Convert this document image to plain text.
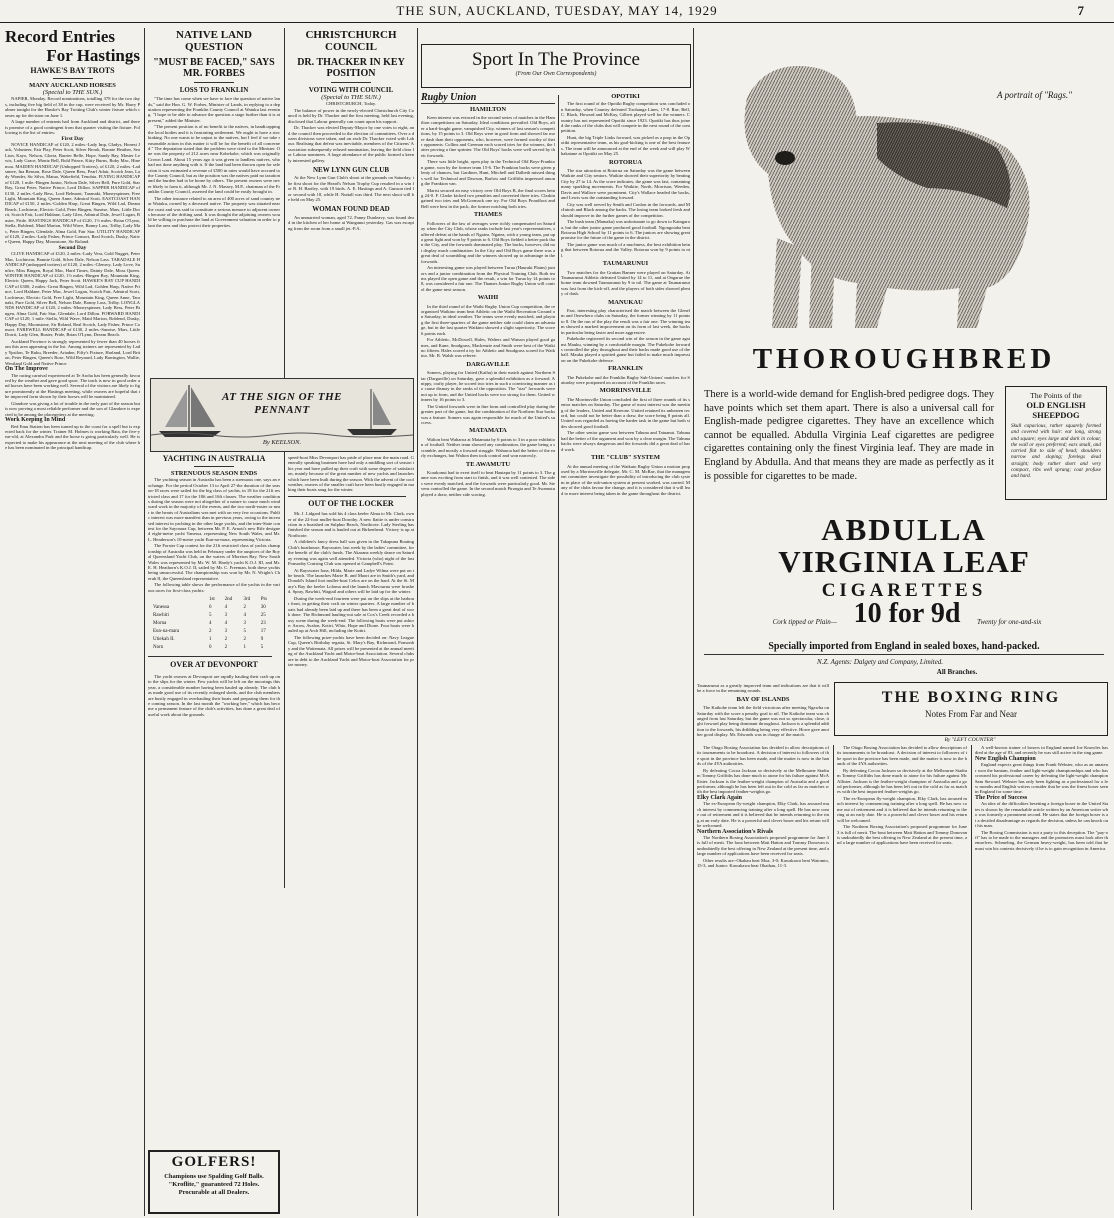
THE SUN, AUCKLAND, TUESDAY, MAY 14, 1929	7
Record Entries
For Hastings
HAWKE'S BAY TROTS
MANY AUCKLAND HORSES
(Special to THE SUN.)

NAPIER, Monday. Record nominations, totalling 378 for the two days, including five big field of 38 in the cup, were received by Mr. Harry Palmer tonight for the Hawke's Bay Trotting Club's winter fixture which comes up for decision on June 1.

A large number of entrants hail from Auckland and district, and there is promise of a good contingent from that quarter visiting the fixture. Following is the list of entries:

First Day

NOVICE HANDICAP of £120, 2 miles.-Lady Imp, Gladys, Honest Jack, Volunteer, Fair Play, Peter Scott, Silver Brook, Bonnie Heather, Sea Lion, Kayo, Nelson, Gloria, Barrier Belle, Hope, Sandy Bay, Master Lewis, Lady Grace, Moniz Bell, Bold Prince, Kitty Burns, Ruby Mac, Hinemoa. MAIDEN HANDICAP (Unhopped Trotters), of £120, 2 miles.-Ladsmere, Ina Benson, Rose Dale, Queen Bess, Pearl Adair, Scotch Jean, Lady Wonder, Sir Silva, Matua, Wakefield, Tenohia. FLYING HANDICAP of £120, 1 mile.-Bingen Junior, Nelson Dale, Silver Bell, Pure Gold, Star Ray, Great Peter, Native Prince, Lord Dillon. SAPPER HANDICAP of £130, 2 miles.-Lady Bess, Lord Belmont, Taranaki, Moneyspinner, Free Light, Mountain King, Queen Anne, Admiral Scott. EASTCOAST HANDICAP of £150, 2 miles.-Golden Harp, Great Bingen, Wild Lad, Dream Beach, Lochinvar, Electric Gold, Peter Bingen, Sunrise, Mars, Little Dorrit, Scotch Fair, Lord Haldane, Lady Glen, Admiral Dale, Jewel Logan, Buster, Pride. HASTINGS HANDICAP of £120, 1½ miles.-Brian O'Lynn, Stella, Roblend, Maid Marion, Wild Wave, Bonny Lass, Trilby, Lady Mac, Peter Bingen, Glendale, Alma Gold, Fair Star. UTILITY HANDICAP of £120, 2 miles.-Lady Fisher, Prince Consort, Real Scotch, Dusky, Native Queen, Happy Day, Moonstone, Sir Roland.

Second Day

CLIVE HANDICAP of £120, 2 miles.-Lady Vera, Gold Nugget, Peter Mac, Lochinvar, Bonnie Gold, Silver Dale, Nelson Lass. TARADALE HANDICAP (unhopped trotters) of £120, 2 miles.-Glenroy, Lady Love, Sunfire, Miss Bingen, Royal Mac, Hard Times, Dainty Dale, Moss Queen. WINTER HANDICAP of £120, 1½ miles.-Bingen Boy, Mountain King, Electric Queen, Happy Jack, Peter Scott. HAWKE'S BAY CUP HANDICAP of £300, 2 miles.-Great Bingen, Wild Lad, Golden Harp, Native Prince, Lord Haldane, Peter Mac, Jewel Logan, Scotch Fair, Admiral Scott, Lochinvar, Electric Gold, Free Light, Mountain King, Queen Anne, Taranaki, Pure Gold, Silver Bell, Nelson Dale, Bonny Lass, Trilby. LONGLANDS HANDICAP of £120, 2 miles.-Moneyspinner, Lady Bess, Peter Bingen, Alma Gold, Fair Star, Glendale, Lord Dillon. FORWARD HANDICAP of £120, 1 mile.-Stella, Wild Wave, Maid Marion, Roblend, Dusky, Happy Day, Moonstone, Sir Roland, Real Scotch, Lady Fisher, Prince Consort. FAREWELL HANDICAP of £130, 2 miles.-Sunrise, Mars, Little Dorrit, Lady Glen, Buster, Pride, Brian O'Lynn, Dream Beach.

Auckland Province is strongly represented by fewer than 40 horses from this area appearing in the list. Among trainers are represented by Lady Ypsilon, Te Ruku, Breeder, Ariadne, Fifty's Fixture, Harland, Lord Briton, Peter Bingen, Queen's Rose, Wild Reynard, Lady Barrington, Wallie, Westland Gold and Native Prince.

On The Improve

The racing carnival experienced at Te Aroha has been generally favoured by the weather and gave good sport. The track is now in good order and horses have been working well. Several of the visitors are likely to figure prominently at the Hastings meeting, while owners are hopeful that the improved form shown by their horses will be maintained.

Glandore was giving a lot of trouble in the early part of the season but is now proving a most reliable performer and the son of Glandore is expected to be among the placegetters at the meeting.

Work Keeping In Mind

Red Emu Station has been turned up to the coast for a spell but is expected back for the winter. Trainer M. Holmes is working Rata, the five-year-old, at Alexandra Park and the horse is going particularly well. He is expected to make his appearance at the next meeting of the club where he has been nominated in the principal handicap.

NATIVE LAND QUESTION
"MUST BE FACED," SAYS MR. FORBES
LOSS TO FRANKLIN

"The time has come when we have to face the question of native lands," said the Hon. G. W. Forbes, Minister of Lands, in replying to a deputation representing the Franklin County Council at Waiuku last evening. "I hope to be able to advance the question a stage further than it is at present," added the Minister.

"The present position is of no benefit to the natives, in handicapping the local bodies and it is frustrating settlement. We ought to have a stocktaking. No one wants to be unjust to the natives, but I feel if we take reasonable action in this matter it will be for the benefit of all concerned." The deputation stated that the problem were cited to the Minister. One was the property of 212 acres near Kohekohe, which was originally Crown Land. About 15 years ago it was given to landless natives, who had not done anything with it. If the land had been thrown open for selection it was estimated a revenue of £500 in rates would have accrued to the County Council, but as the position was the natives paid no taxation and the burden had to be borne by others. The present owners were never likely to farm it, although Mr. J. N. Massey, M.P., chairman of the Franklin County Council, asserted the land could be easily brought in.

The other instance related to an area of 400 acres of sand country near Waiuku, owned by a deceased native. The property was situated near the coast and was said to constitute a serious menace to adjacent owners because of the drifting sand. It was thought the adjoining owners would be willing to purchase the land at Government valuation in order to plant the area and thus protect their properties.

CHRISTCHURCH COUNCIL
DR. THACKER IN KEY POSITION
VOTING WITH COUNCIL
(Special to THE SUN.)

CHRISTCHURCH, Today.

The balance of power in the newly-elected Christchurch City Council is held by Dr. Thacker and the first meeting, held last evening, disclosed that Labour generally can count upon his support.

Dr. Thacker was elected Deputy-Mayor by one votes to eight, and the council then proceeded to the election of committees. Over a dozen divisions were taken, and on each Dr. Thacker voted with Labour. Realising that defeat was inevitable, members of the Citizens' Association subsequently refused nomination, leaving the field clear for Labour nominees. A large attendance of the public formed a keenly interested gallery.

NEW LYNN GUN CLUB

At the New Lynn Gun Club's shoot at the grounds on Saturday, the first shoot for the Heard's Nelson Trophy Cup resulted in a win for R. H. Bartley, with 19 birds. A. E. Hastings and A. Gunson tied for second with 18, while H. Nuttall was third. The next shoot will be held on May 25.

WOMAN FOUND DEAD

An unmarried woman, aged 72, Fanny Dunleavy, was found dead in the kitchen of her home at Wanganui yesterday. Gas was escaping from the room from a small jet.-P.A.

AT THE SIGN OF THE PENNANT
By KEELSON.
YACHTING IN AUSTRALIA
STRENUOUS SEASON ENDS

The yachting season in Australia has been a strenuous one, says an exchange. For the period October 13 to April 27-the duration of the season-18 races were sailed for the big class of yachts, in 18 for the 21ft restricted class and 17 for the 18ft and 16ft classes. The weather conditions during the season were not altogether of a nature to cause much windward work in the majority of the events, and the two north-easter or near to the hearts of Australians was met with on very few occasions. Public interest was more manifest than in previous years, owing to the increased interest in yachting in the other large yachts, and the inter-State contest for the Sayonara Cup, between Mr. P. E. Arnott's new Rife designed eight-metre yacht Vanessa, representing New South Wales, and Mr. L. Henderson's 10-metre yacht Eun-na-mara, representing Victoria.

The Forster Cup contest for the 21ft restricted class of yachts championship of Australia was held in February under the auspices of the Royal Queensland Yacht Club, on the waters of Moreton Bay. New South Wales was represented by Mr. W. M. Hardy's yacht K.O.J. III, and Mr. E. H. Heathorn's K.O.J. II, sailed by Mr. C. Freeman, both these yachts being unsuccessful. The championship was won by Mr. N. Wright's Cherub II, the Queensland representative.

The following table shows the performance of the yachts in the various races for first-class yachts:

	1st	2nd	3rd	Pts
Vanessa	6	4	2	30
Rawhiti	5	3	4	25
Morna	4	4	3	23
Eun-na-mara	2	3	5	17
Utiekah II.	1	2	2	9
Norn	0	2	1	5
OVER AT DEVONPORT

The yacht owners at Devonport are rapidly hauling their craft up on to the slips for the winter. Few yachts will be left on the moorings this year, a considerable number having been hauled up already. The club has made good use of its recently enlarged sheds, and the club members are busily engaged in overhauling their boats and preparing them for the coming season. In the last month the "working bee," which has become a permanent feature of the club's activities, has done a great deal of useful work about the grounds.

GOLFERS!
Champions use Spalding Golf Balls. "Kroflite," guaranteed 72 Holes. Procurable at all Dealers.

speed-boat Miss Devonport has pride of place near the main road. Generally speaking boatmen have had only a middling sort of season this year and have pulled up their craft with some degree of satisfaction, mainly because of the great number of new yachts and launches which have been built during the season. With the advent of the cool weather, owners of the smaller craft have been busily engaged in making their boats snug for the winter.

OUT OF THE LOCKER

Mr. J. Lidgard has sold his 4 class keeler Alma to Mr. Clark, owner of the 22-foot mullet-boat Dorothy. A new flattie is under construction in a boatshed on Sulphur Beach, Northcote. Lady Sterling has finished the season and is hauled out at Birkenhead. Victory is up at Northcote.

A children's fancy dress ball was given in the Takapuna Boating Club's boathouse, Bayswater, last week by the ladies' committee, for the benefit of the club's funds. The Akarana weekly dance on Saturday evening was again well attended. Victoria (who) night of the last Ponsonby Cruising Club was opened at Campbell's Point.

At Bayswater Iona, Hilda, Marie and Ladye Wilma were put on the beach. The launches Marie B. and Maori are in Smith's yard, and Donald's Island foot mullet-boat Celox are on the hard. At the St. Mary's Bay the keeler Loloma and the launch Mavourna were brushed. Spray, Rawhiti, Wagtail and others will be laid up for the winter.

During the week-end fourteen were put on the slips at the harbour front, in getting their craft on winter quarters. A large number of boats had already been laid up and there has been a great deal of work done. The Richmond hauling-out sale at Cox's Creek recorded a busy scene during the week-end. The following boats were put ashore: Arrow, Avalon, Kotiri, Whio, Hope and Dione. Four boats were hauled up at Arch Hill, including the Kotiri.

The following prize-yachts have been decided on: Navy League Cup, Queen's Birthday regatta, St. Mary's Bay, Richmond, Ponsonby and the Waitemata. All prizes will be presented at the annual meeting of the Auckland Yacht and Motor-boat Association. Several clubs are in debt to the Auckland Yacht and Motor-boat Association for prize money.

Sport In The Province
(From Our Own Correspondents)
Rugby Union
HAMILTON

Keen interest was evinced in the second series of matches in the Hamilton competitions on Saturday. Ideal conditions prevailed. Old Boys, after a hard-fought game, vanquished City, winners of last season's competitions, by 15 points to 3. Old Boys were in good form and showed far more dash than their opponents, who, however, were formed worthy of their opponents. Collins and Greenan each scored tries for the winners, the latter proving a fine sprinter. The Old Boys' backs were well served by their forwards.

There was little bright, open play in the Technical Old Boys-Frankton game, won by the former team 15-6. The Frankton backs were given plenty of chances, but Gardiner, Hunt, Mitchell and Dalbeth missed things well for Technical and Dawson, Barlow and Griffiths impressed among the Frankton van.

Marist secured an easy victory over Old Boys B, the final scores being 24-0. F. Clarke kicked two penalties and converted three tries. Clarkin gained two tries and McGormack one try. For Old Boys Proudfoot and Bell were best in the pack, the former notching both tries.

THAMES

Followers of the law of averages were richly compensated on Saturday when the City Club, whose ranks include last year's representatives, suffered defeat at the hands of Ngatea. Ngatea, with a young team, put up a great fight and won by 9 points to 6. Old Boys fielded a better pack than the City, and the forwards dominated play. The backs, however, did not display much combination. In the City and Old Boys game there was a great deal of scrambling and the winners showed up to advantage in the forwards.

An interesting game was played between Turua (Hauraki Plains) juniors and a junior combination from the Physical Training Club. Both teams played the open game and the result, a win for Turua by 14 points to 8, was considered a fair one. The Thames Junior Rugby Union will control the game next season.

WAIHI

In the third round of the Waihi Rugby Union Cup competition, the reorganised Waikino team beat Athletic on the Waihi Recreation Ground on Saturday, in ideal weather. The teams were evenly matched, and playing the first three-quarters of the game neither side could claim an advantage, but in the last quarter Waikino showed a slight superiority. The score 6 points each.

For Athletic, McDowell, Hales, Walters and Watson played good games, and Kane, Snodgrass, Mackenzie and Smith were best of the Waikino fifteen. Hales scored a try for Athletic and Snodgrass scored for Waikino. Mr. R. Walsh was referee.

DARGAVILLE

Somers, playing for United (Kaihu) in their match against Northern Star (Dargaville) on Saturday, gave a splendid exhibition as a forward. A nippy, crafty player, he scored two tries in such a convincing manner as to cause dismay in the ranks of the opposition. The "star" forwards were not up to form, and the United backs were too strong for them. United winners by 16 points to 3.

The United forwards were in fine form and controlled play during the greater part of the game, but the combination of the Northern Star backs was a feature. Somers was again responsible for much of the United's success.

MATAMATA

Walton beat Waharoa at Matamata by 6 points to 3 in a poor exhibition of football. Neither team showed any combination, the game being a scramble, and mostly a forward struggle. Waharoa had the better of the early exchanges, but Walton then took control and won narrowly.

TE AWAMUTU

Korakonui had to exert itself to beat Hautapu by 11 points to 3. The game was exciting from start to finish, and it was well contested. The sides were evenly matched, and the forwards were particularly good. Mr. Stevens controlled the game. In the second match Pirongia and Te Awamutu played a draw, neither side scoring.

OPOTIKI

The first round of the Opotiki Rugby competition was concluded on Saturday, when Country defeated Tirohanga Lines, 17-8. Rae, Bell, C. Black, Howard and McKay, Gilbert played well for the winners. Country has not represented Opotiki since 1923. Opotiki has thus joined the ranks of the clubs that will compete in the next round of the competition.

Hunt, the big Triple Links forward, was picked as a prop in the Opotiki representative team, as his goal-kicking is one of the best features. The team will be announced at the end of the week and will play Whakatane at Opotiki on May 25.

ROTORUA

The star attraction at Rotorua on Saturday was the game between Waikite and City seniors. Waikite showed their superiority by beating City by 27 to 14. As the score indicates, the game was fast, containing many sparkling movements. For Waikite, North, Morrison, Weeden, Davis and Wallace were prominent. City's Wallace headed the backs, and Lewis was the outstanding forward.

City was well served by Smith and Conlon in the forwards, and McIntosh and Black among the backs. The losing team looked fresh and should improve in the further games of the competition.

The bush team (Mamaku) was unfortunate to go down to Kaingaroa, but the other junior game produced good football. Ngongotaha beat Rotorua High School by 11 points to 6. The juniors are showing great promise for the future of the game in the district.

The junior game was much of a muchness, the best exhibition being that between Rotorua and the Valley. Rotorua won by 9 points to nil.

TAUMARUNUI

Two matches for the Grattan Banner were played on Saturday. At Taumarunui Athletic defeated United by 14 to 11, and at Ongarue the home team downed Taumarunui by 9 to nil. The game at Taumarunui was fast from the kick-off, and the players of both sides showed plenty of dash.

MANUKAU

Fast, interesting play characterised the match between the Glenelm and Onewhero clubs on Saturday, the former winning by 11 points to 8. On the run of the play the result was a fair one. The winning team showed a marked improvement on its form of last week, the backs in particular being faster and more aggressive.

Pukekohe registered its second win of the season in the game against Mauku, winning by a comfortable margin. The Pukekohe forwards controlled the play throughout and their backs made good use of the ball. Mauku played a spirited game but failed to make much impression on the Pukekohe defence.

FRANKLIN

The Pukekohe and the Franklin Rugby Sub-Unions' matches for Saturday were postponed on account of the Franklin races.

MORRINSVILLE

The Morrinsville Union concluded the first of three rounds of its senior matches on Saturday. The game of most interest was the meeting of the leaders, United and Kereone. United retained its unbeaten record, but could not be better than a draw, the score being 8 points all. United was regarded as having the harder task in the game but both sides showed good football.

The other senior game was between Tahuna and Tatuanui. Tahuna had the better of the argument and won by a clear margin. The Tahuna backs were always dangerous and the forwards did a great deal of hard work.

THE "CLUB" SYSTEM

At the annual meeting of the Waikato Rugby Union a motion proposed by a Morrinsville delegate, Mr. C. M. McRae, that the management committee investigate the possibility of introducing the club system in place of the sub-union system at present worked, was carried. Many of the clubs favour the change, and it is considered that it will lead to more interest being taken in the game throughout the district.

A portrait of "Rags."
THOROUGHBRED
There is a world-wide demand for English-bred pedigree dogs. They have points which set them apart. There is also a universal call for English-made pedigree cigarettes. They have an excellence which cannot be equalled. Abdulla Virginia Leaf cigarettes are pedigree cigarettes containing only the finest Virginia leaf. They are made in England by Abdulla. And that means they are made as perfectly as it is possible for cigarettes to be made.
The Points of the
OLD ENGLISH SHEEPDOG
Skull capacious, rather squarely formed and covered with hair: ear long, strong and square; eyes large and dark in colour, the wall or eyes preferred; ears small, and carried flat to side of head; shoulders narrow and sloping; forelegs dead straight; body rather short and very compact, ribs well sprung; coat profuse and hard.
ABDULLA
VIRGINIA LEAF
CIGARETTES
Cork tipped or Plain— 10 for 9d	Twenty for one-and-six
Specially imported from England in sealed boxes, hand-packed.
N.Z. Agents: Dalgety and Company, Limited.
All Branches.

Taumarunui as a greatly improved team and indications are that it will be a force in the remaining rounds.

BAY OF ISLANDS

The Kaikohe team left the field victorious after meeting Ngawha on Saturday with the score a penalty goal to nil. The Kaikohe team was changed from last Saturday, but the game was not so spectacular, close, tight forward play being dominant throughout. Jackson is a splendid addition to the forwards, his dribbling being very effective. Howe gave another good display. Mr. Edwards was in charge of the match.

THE BOXING RING
Notes From Far and Near
By "LEFT COUNTER"

The Otago Boxing Association has decided to allow descriptions of its tournaments to be broadcast. A decision of interest to followers of the sport in the province has been made, and the matter is now in the hands of the 4YA authorities.

By defeating Cocoa Jackson so decisively at the Melbourne Stadium Tommy Griffiths has done much to atone for his failure against McAllister. Jackson is the feather-weight champion of Australia and a good performer, although he has been left out in the cold as far as matches with the best imported feather-weights go.

Elky Clark Again

The ex-European fly-weight champion, Elky Clark, has aroused much interest by commencing training after a long spell. He has now come out of retirement and it is believed that he intends returning to the ring at an early date. He is a powerful and clever boxer and his return will be welcomed.

Northern Association's Rivals

The Northern Boxing Association's proposed programme for June 3 is full of merit. The bout between Matt Hatton and Tommy Donovan is undoubtedly the best offering in New Zealand at the present time, and a large number of applications have been received for seats.

Other results are:-Okahau beat Moa, 3-0; Kawakawa beat Waiomio, 15-3, and Junior: Kawakawa beat Okaihau, 11-3.

The Otago Boxing Association has decided to allow descriptions of its tournaments to be broadcast. A decision of interest to followers of the sport in the province has been made, and the matter is now in the hands of the 4YA authorities.

By defeating Cocoa Jackson so decisively at the Melbourne Stadium Tommy Griffiths has done much to atone for his failure against McAllister. Jackson is the feather-weight champion of Australia and a good performer, although he has been left out in the cold as far as matches with the best imported feather-weights go.

The ex-European fly-weight champion, Elky Clark, has aroused much interest by commencing training after a long spell. He has now come out of retirement and it is believed that he intends returning to the ring at an early date. He is a powerful and clever boxer and his return will be welcomed.

The Northern Boxing Association's proposed programme for June 3 is full of merit. The bout between Matt Hatton and Tommy Donovan is undoubtedly the best offering in New Zealand at the present time, and a large number of applications have been received for seats.

A well-known trainer of boxers in England named Joe Knowles has died at the age of 83, and recently he was still active in the ring game.

New English Champion

England expects great things from Frank Webster, who as an amateur won the bantam, feather and light-weight championships and who has crowned his professional career by defeating the light-weight champion Sam Steward. Webster has only been fighting as a professional for a few months and English writers consider that he was the finest boxer seen in England for some time.

The Price of Success

An idea of the difficulties besetting a foreign boxer in the United States is shown by the remarkable article written by an American writer who was formerly a prominent second. He states that the foreign boxer is at a decided disadvantage as regards the decision, unless he can knock out his man.

The Boxing Commission is not a party to this deception. The "pay-off" has to be made to the managers and the promoters must look after themselves. Schmeling, the German heavy-weight, has been told that he must win his contests decisively if he is to gain recognition in America.
